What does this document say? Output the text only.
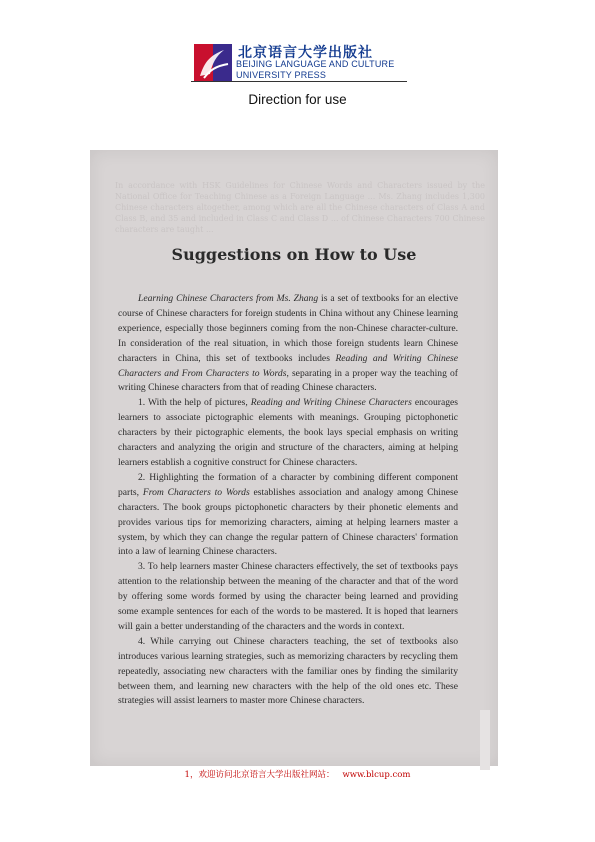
北京语言大学出版社
BEIJING LANGUAGE AND CULTURE
UNIVERSITY PRESS
Direction for use
In accordance with HSK Guidelines for Chinese Words and Characters issued by the National Office for Teaching Chinese as a Foreign Language ... Ms. Zhang includes 1,300 Chinese characters altogether, among which are all the Chinese characters of Class A and Class B, and 35 and included in Class C and Class D ... of Chinese Characters 700 Chinese characters are taught ...
Suggestions on How to Use

Learning Chinese Characters from Ms. Zhang is a set of textbooks for an elective course of Chinese characters for foreign students in China without any Chinese learning experience, especially those beginners coming from the non-Chinese character-culture. In consideration of the real situation, in which those foreign students learn Chinese characters in China, this set of textbooks includes Reading and Writing Chinese Characters and From Characters to Words, separating in a proper way the teaching of writing Chinese characters from that of reading Chinese characters.

1. With the help of pictures, Reading and Writing Chinese Characters encourages learners to associate pictographic elements with meanings. Grouping pictophonetic characters by their pictographic elements, the book lays special emphasis on writing characters and analyzing the origin and structure of the characters, aiming at helping learners establish a cognitive construct for Chinese characters.

2. Highlighting the formation of a character by combining different component parts, From Characters to Words establishes association and analogy among Chinese characters. The book groups pictophonetic characters by their phonetic elements and provides various tips for memorizing characters, aiming at helping learners master a system, by which they can change the regular pattern of Chinese characters' formation into a law of learning Chinese characters.

3. To help learners master Chinese characters effectively, the set of textbooks pays attention to the relationship between the meaning of the character and that of the word by offering some words formed by using the character being learned and providing some example sentences for each of the words to be mastered. It is hoped that learners will gain a better understanding of the characters and the words in context.

4. While carrying out Chinese characters teaching, the set of textbooks also introduces various learning strategies, such as memorizing characters by recycling them repeatedly, associating new characters with the familiar ones by finding the similarity between them, and learning new characters with the help of the old ones etc. These strategies will assist learners to master more Chinese characters.

1，欢迎访问北京语言大学出版社网站： www.blcup.com
